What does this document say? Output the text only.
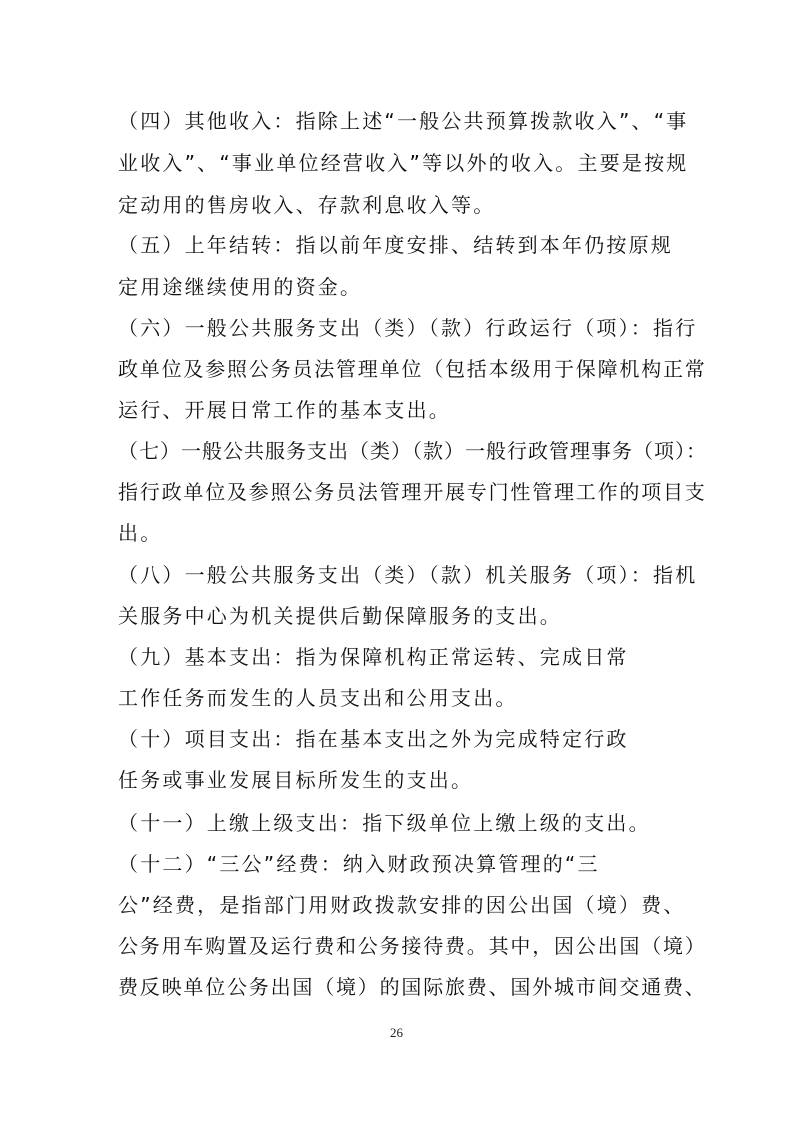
（四）其他收入：指除上述“一般公共预算拨款收入”、“事
业收入”、“事业单位经营收入”等以外的收入。主要是按规
定动用的售房收入、存款利息收入等。
（五）上年结转：指以前年度安排、结转到本年仍按原规
定用途继续使用的资金。
（六）一般公共服务支出（类）（款）行政运行（项）：指行
政单位及参照公务员法管理单位（包括本级用于保障机构正常
运行、开展日常工作的基本支出。
（七）一般公共服务支出（类）（款）一般行政管理事务（项）：
指行政单位及参照公务员法管理开展专门性管理工作的项目支
出。
（八）一般公共服务支出（类）（款）机关服务（项）：指机
关服务中心为机关提供后勤保障服务的支出。
（九）基本支出：指为保障机构正常运转、完成日常
工作任务而发生的人员支出和公用支出。
（十）项目支出：指在基本支出之外为完成特定行政
任务或事业发展目标所发生的支出。
（十一）上缴上级支出：指下级单位上缴上级的支出。
（十二）“三公”经费：纳入财政预决算管理的“三
公”经费，是指部门用财政拨款安排的因公出国（境）费、
公务用车购置及运行费和公务接待费。其中，因公出国（境）
费反映单位公务出国（境）的国际旅费、国外城市间交通费、
26
